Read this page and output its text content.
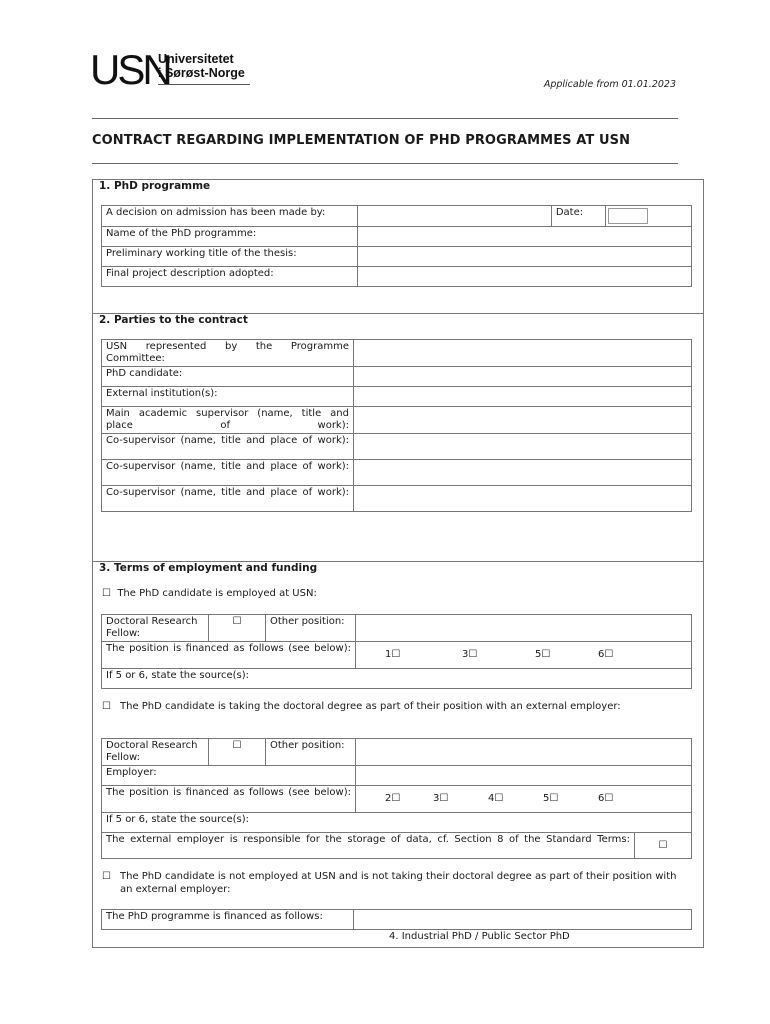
USN
Universitetet
i Sørøst-Norge
Applicable from 01.01.2023
CONTRACT REGARDING IMPLEMENTATION OF PHD PROGRAMMES AT USN
1. PhD programme
A decision on admission has been made by:		Date:	

Name of the PhD programme:			
Preliminary working title of the thesis:			
Final project description adopted:			
2. Parties to the contract
USN represented by the Programme Committee:	
PhD candidate:	
External institution(s):	
Main academic supervisor (name, title and place of work):	
Co-supervisor (name, title and place of work):	
Co-supervisor (name, title and place of work):	
Co-supervisor (name, title and place of work):	
3. Terms of employment and funding
☐ The PhD candidate is employed at USN:
Doctoral Research Fellow:	☐	Other position:	
The position is financed as follows (see below):			1☐ 3☐ 5☐ 6☐

If 5 or 6, state the source(s):			
☐ The PhD candidate is taking the doctoral degree as part of their position with an external employer:
Doctoral Research Fellow:	☐	Other position:		
Employer:				
The position is financed as follows (see below):			2☐ 3☐ 4☐ 5☐ 6☐	

If 5 or 6, state the source(s):				
The external employer is responsible for the storage of data, cf. Section 8 of the Standard Terms:				☐
☐ The PhD candidate is not employed at USN and is not taking their doctoral degree as part of their position with an external employer:
The PhD programme is financed as follows:	
4. Industrial PhD / Public Sector PhD
